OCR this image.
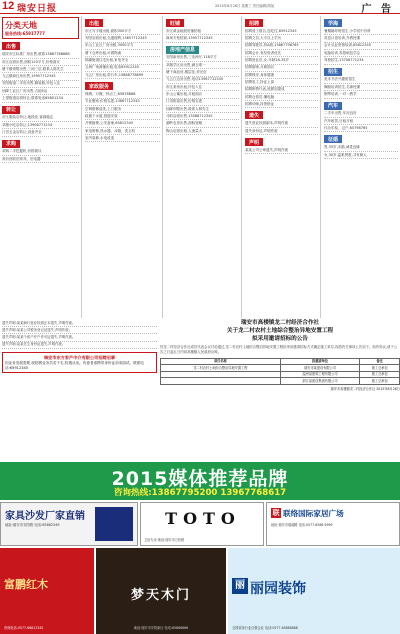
12 瑞安日报	2015年8月26日 星期三 责任编辑/胡某	广 告
分类天地
服务热线:65917777
出售
瑞安市区标准厂房出售,联系13867768888
市区店面出售,面积120平方,价格面议
塘下镇别墅出售,三间三层,联系人陈先生
飞云镇商住房出售,15957712345
安阳街道二手房出售,精装修,拎包入住
仙降工业区厂房出售,占地5亩
上望街道店面转让,联系电话65801234
转让
市区服装店转让,地段佳,客源稳定
莘塍小吃店转让,13906771234
汀田五金店转让,设备齐全
求购
求购二手挖掘机,价格面议
高价回收旧家具、旧电器
出租
市区写字楼出租,面积300平方
安阳店面出租,交通便利,13857712345
东山工业区厂房出租,3000平方
塘下仓库出租,可做物流
锦湖街道住宅出租,家电齐全
玉海广场商铺出租,电话65912345
飞云厂房出租,带行车,15888778899
家政服务
保姆、月嫂、钟点工,65678888
专业搬家,价格实惠,13867712345
空调维修清洗,上门服务
疏通下水道,管道安装
开锁换锁,公安备案,65812345
家电维修,热水器、冰箱、洗衣机
室内装修,水电改造
旺铺
市区黄金地段旺铺招租
商场专柜招商,13957712345
房地产信息
安阳新房出售,三室两厅,118平方
莘塍学区房出售,满五唯一
塘下商品房,楼层佳,采光好
飞云江边房出售,电话13967712345
市区套房出租,拎包入住
东山公寓出租,月租面议
汀田排屋出售,价格实惠
仙降别墅出售,联系人林先生
马屿店面出售,13588712345
湖岭农房出售,面积宽敞
陶山店面出租,人流量大
招聘
招聘普工数名,包吃住,65912345
招聘文员,大专以上学历
招聘驾驶员,持A照,13867798765
招聘会计,有经验者优先
招聘营业员,女,年龄18-35岁
招聘厨师,月薪面议
招聘保安,身体健康
招聘电工,持证上岗
招聘销售代表,底薪加提成
招聘仓管员,懂电脑
招聘幼师,持资格证
遗失
遗失营业执照副本,声明作废
遗失身份证,声明作废
声明
某某公司公章遗失,声明作废
学海
暑期辅导班招生,小学初中各科
英语口语培训,外教授课
会计从业资格培训,65812345
电脑培训,零基础包学会
驾校招生,13706771234
招生
美术书法兴趣班招生
舞蹈培训招生,名师授课
钢琴培训,一对一教学
汽车
二手车出售,车况良好
汽车租赁,日租月租
代办年检、过户,65798765
征婚
男,35岁,未婚,诚觅良缘
女,30岁,温柔贤惠,寻有缘人
遗失声明:某某商行营业执照正本遗失,声明作废。
遗失声明:某某公司税务登记证遗失,声明作废。
遗失声明:某某个体户开户许可证遗失,声明作废。
遗失声明:某某先生身份证遗失,声明作废。
瑞安市东方家产中介有限公司招聘启事
因业务发展需要,现招聘业务员若干名,待遇从优。有意者请携带身份证前来面试。联系电话:65912345
瑞安市高楼镇龙二村经济合作社
关于龙二村农村土地综合整治异地安置工程
拟采用邀请招标的公告
经龙二村经济合作社成员代表会议讨论通过,龙二村农村土地综合整治异地安置工程拟采用邀请招标方式确定施工单位,现将有关事项公告如下。如有异议,请于公告之日起五日内向高楼镇人民政府反映。
项目名称	拟邀请单位	备注
龙二村农村土地综合整治异地安置工程	瑞安市某建设有限公司	施工总承包
	温州某建筑工程有限公司	施工总承包
	浙江某建设集团有限公司	施工总承包
瑞安市高楼镇龙二村经济合作社 2015年8月26日
2015媒体推荐品牌
咨询热线:13867795200 13967768617
家具沙发厂家直销
地址:瑞安市安阳路 电话:65862349	TOTO
卫浴专卖 地址:瑞安市万松路
联 联络国际家居广场
地址:瑞安市瑞湖路 电话:0577-6588 9999
富鹏红木
咨询电话:0577-66812345
梦天木门
地址:瑞安市安阳新区 电话:65866666
丽 丽园装饰
全国装饰行业百强企业 电话:0577-65888888
